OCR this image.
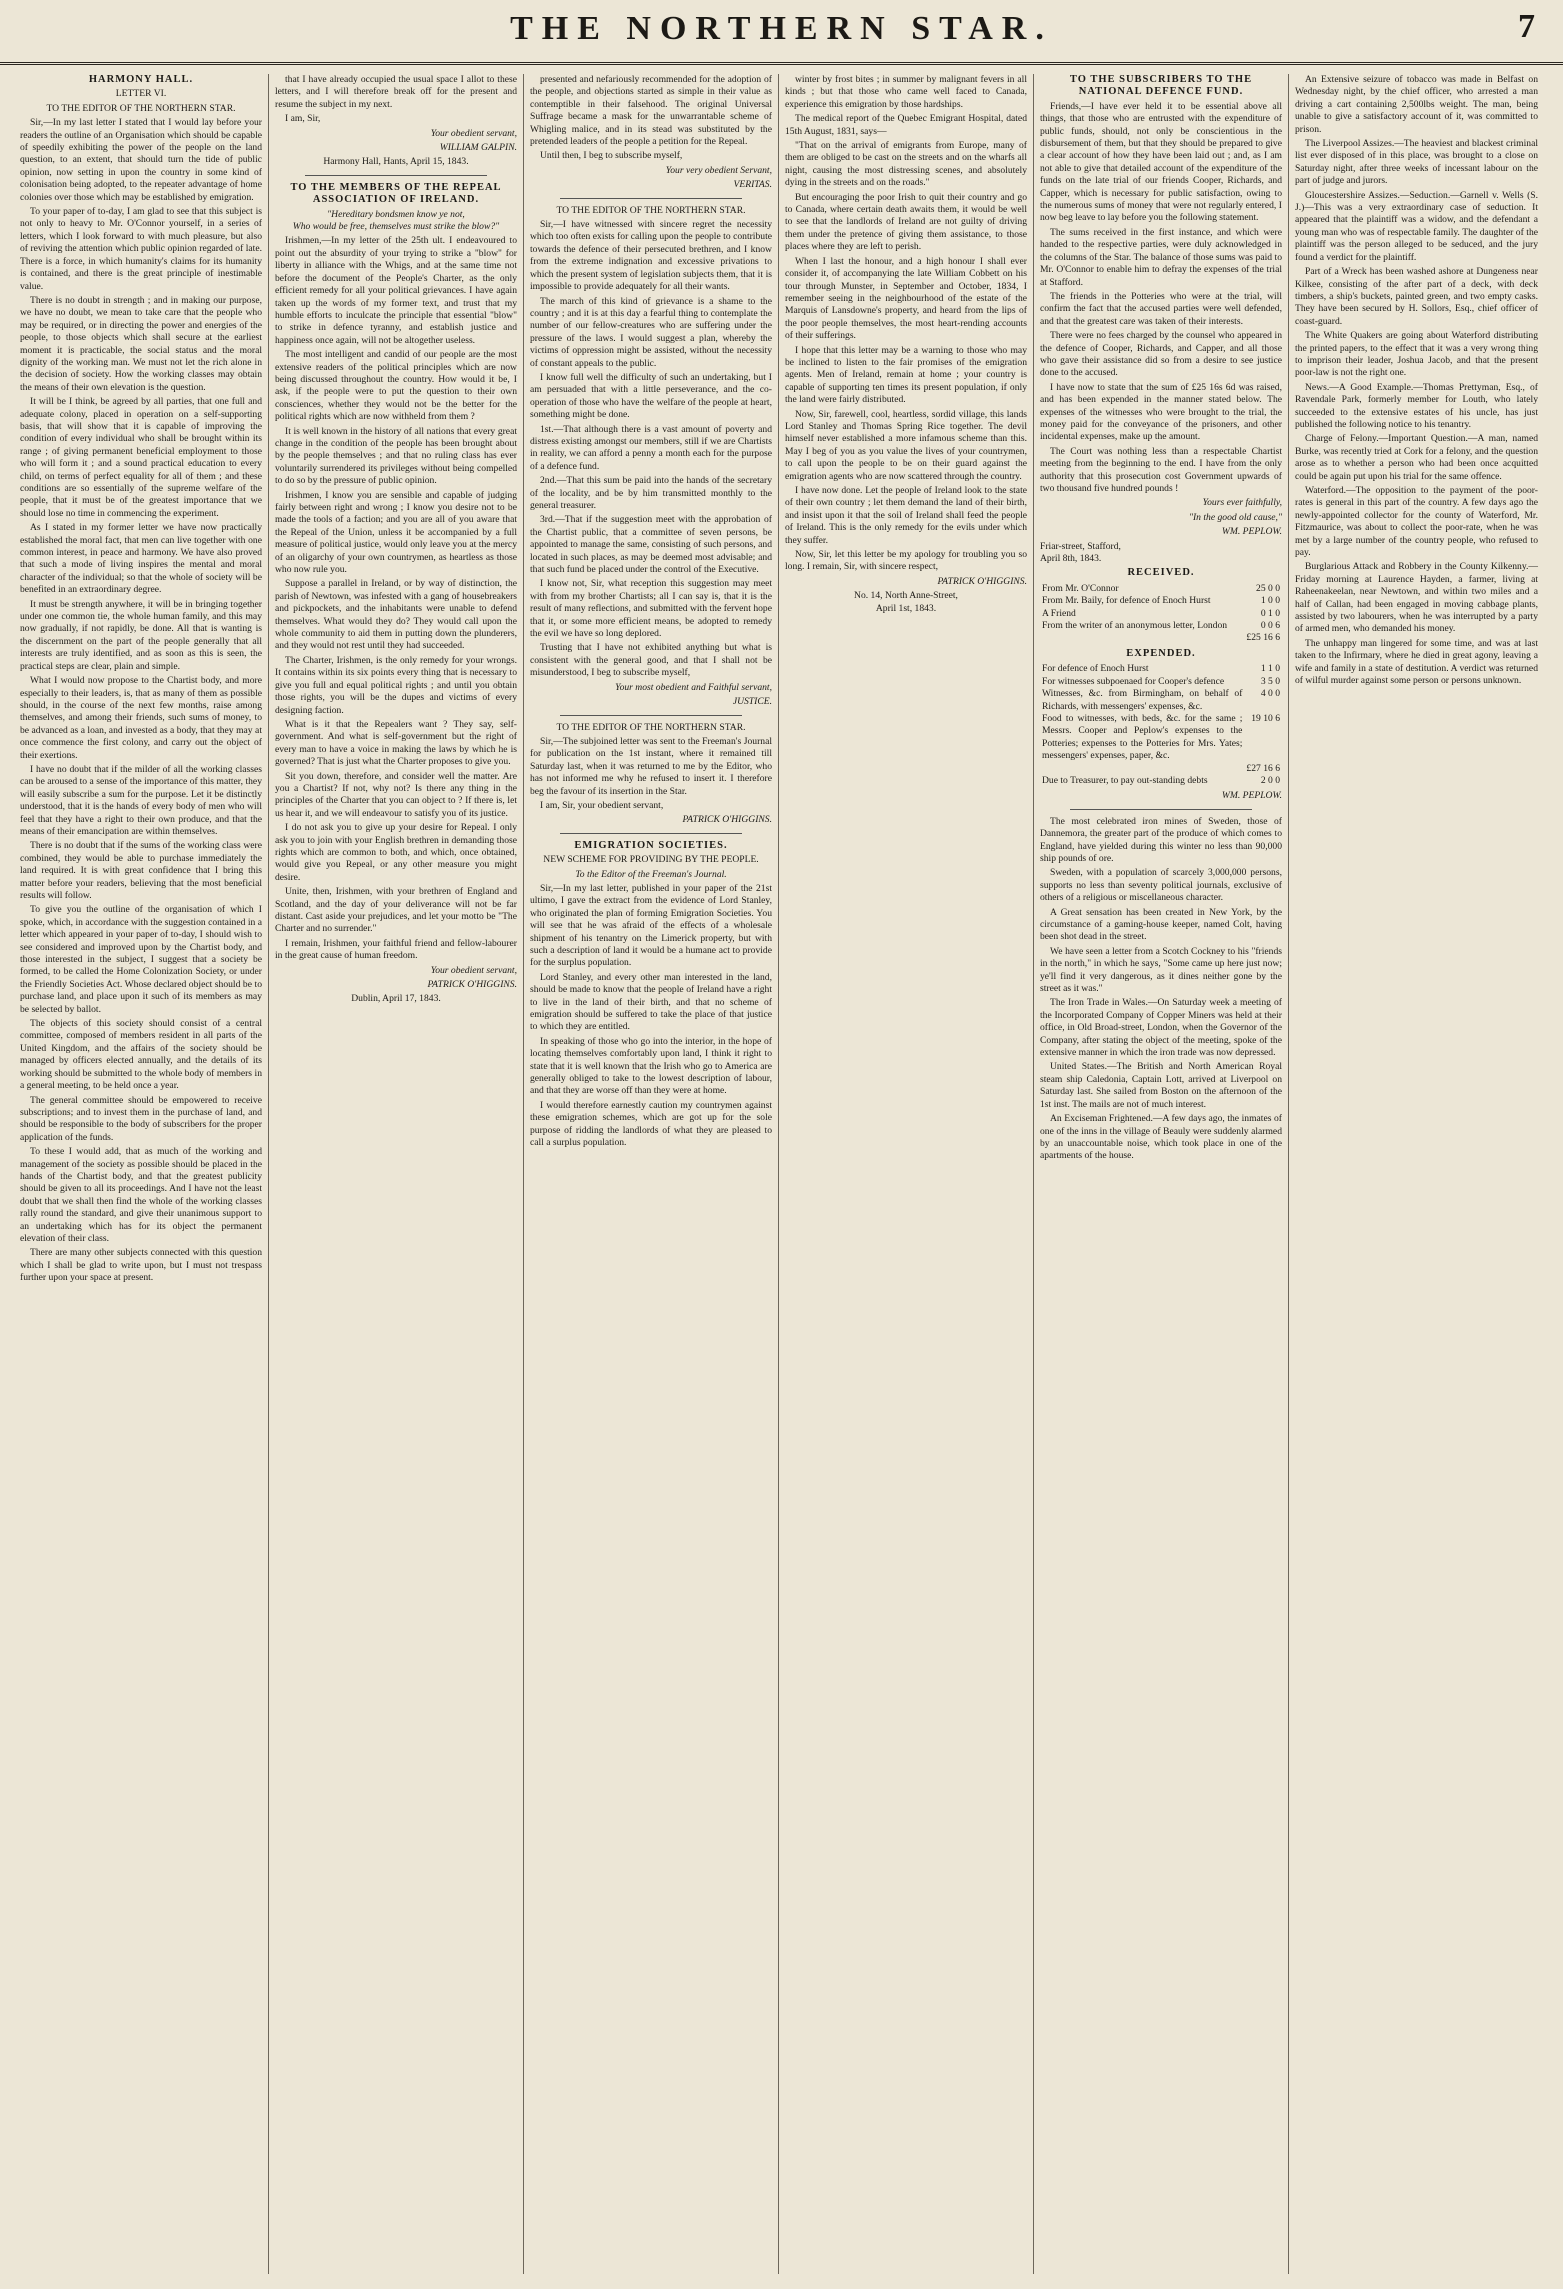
THE NORTHERN STAR.	7

HARMONY HALL.

LETTER VI.

TO THE EDITOR OF THE NORTHERN STAR.

Sir,—In my last letter I stated that I would lay before your readers the outline of an Organisation which should be capable of speedily exhibiting the power of the people on the land question, to an extent, that should turn the tide of public opinion, now setting in upon the country in some kind of colonisation being adopted, to the repeater advantage of home colonies over those which may be established by emigration.

To your paper of to-day, I am glad to see that this subject is not only to heavy to Mr. O'Connor yourself, in a series of letters, which I look forward to with much pleasure, but also of reviving the attention which public opinion regarded of late. There is a force, in which humanity's claims for its humanity is contained, and there is the great principle of inestimable value.

There is no doubt in strength ; and in making our purpose, we have no doubt, we mean to take care that the people who may be required, or in directing the power and energies of the people, to those objects which shall secure at the earliest moment it is practicable, the social status and the moral dignity of the working man. We must not let the rich alone in the decision of society. How the working classes may obtain the means of their own elevation is the question.

It will be I think, be agreed by all parties, that one full and adequate colony, placed in operation on a self-supporting basis, that will show that it is capable of improving the condition of every individual who shall be brought within its range ; of giving permanent beneficial employment to those who will form it ; and a sound practical education to every child, on terms of perfect equality for all of them ; and these conditions are so essentially of the supreme welfare of the people, that it must be of the greatest importance that we should lose no time in commencing the experiment.

As I stated in my former letter we have now practically established the moral fact, that men can live together with one common interest, in peace and harmony. We have also proved that such a mode of living inspires the mental and moral character of the individual; so that the whole of society will be benefited in an extraordinary degree.

It must be strength anywhere, it will be in bringing together under one common tie, the whole human family, and this may now gradually, if not rapidly, be done. All that is wanting is the discernment on the part of the people generally that all interests are truly identified, and as soon as this is seen, the practical steps are clear, plain and simple.

What I would now propose to the Chartist body, and more especially to their leaders, is, that as many of them as possible should, in the course of the next few months, raise among themselves, and among their friends, such sums of money, to be advanced as a loan, and invested as a body, that they may at once commence the first colony, and carry out the object of their exertions.

I have no doubt that if the milder of all the working classes can be aroused to a sense of the importance of this matter, they will easily subscribe a sum for the purpose. Let it be distinctly understood, that it is the hands of every body of men who will feel that they have a right to their own produce, and that the means of their emancipation are within themselves.

There is no doubt that if the sums of the working class were combined, they would be able to purchase immediately the land required. It is with great confidence that I bring this matter before your readers, believing that the most beneficial results will follow.

To give you the outline of the organisation of which I spoke, which, in accordance with the suggestion contained in a letter which appeared in your paper of to-day, I should wish to see considered and improved upon by the Chartist body, and those interested in the subject, I suggest that a society be formed, to be called the Home Colonization Society, or under the Friendly Societies Act. Whose declared object should be to purchase land, and place upon it such of its members as may be selected by ballot.

The objects of this society should consist of a central committee, composed of members resident in all parts of the United Kingdom, and the affairs of the society should be managed by officers elected annually, and the details of its working should be submitted to the whole body of members in a general meeting, to be held once a year.

The general committee should be empowered to receive subscriptions; and to invest them in the purchase of land, and should be responsible to the body of subscribers for the proper application of the funds.

To these I would add, that as much of the working and management of the society as possible should be placed in the hands of the Chartist body, and that the greatest publicity should be given to all its proceedings. And I have not the least doubt that we shall then find the whole of the working classes rally round the standard, and give their unanimous support to an undertaking which has for its object the permanent elevation of their class.

There are many other subjects connected with this question which I shall be glad to write upon, but I must not trespass further upon your space at present.

that I have already occupied the usual space I allot to these letters, and I will therefore break off for the present and resume the subject in my next.

I am, Sir,

Your obedient servant,

WILLIAM GALPIN.

Harmony Hall, Hants, April 15, 1843.

TO THE MEMBERS OF THE REPEAL ASSOCIATION OF IRELAND.

"Hereditary bondsmen know ye not,
Who would be free, themselves must strike the blow?"

Irishmen,—In my letter of the 25th ult. I endeavoured to point out the absurdity of your trying to strike a "blow" for liberty in alliance with the Whigs, and at the same time not before the document of the People's Charter, as the only efficient remedy for all your political grievances. I have again taken up the words of my former text, and trust that my humble efforts to inculcate the principle that essential "blow" to strike in defence tyranny, and establish justice and happiness once again, will not be altogether useless.

The most intelligent and candid of our people are the most extensive readers of the political principles which are now being discussed throughout the country. How would it be, I ask, if the people were to put the question to their own consciences, whether they would not be the better for the political rights which are now withheld from them ?

It is well known in the history of all nations that every great change in the condition of the people has been brought about by the people themselves ; and that no ruling class has ever voluntarily surrendered its privileges without being compelled to do so by the pressure of public opinion.

Irishmen, I know you are sensible and capable of judging fairly between right and wrong ; I know you desire not to be made the tools of a faction; and you are all of you aware that the Repeal of the Union, unless it be accompanied by a full measure of political justice, would only leave you at the mercy of an oligarchy of your own countrymen, as heartless as those who now rule you.

Suppose a parallel in Ireland, or by way of distinction, the parish of Newtown, was infested with a gang of housebreakers and pickpockets, and the inhabitants were unable to defend themselves. What would they do? They would call upon the whole community to aid them in putting down the plunderers, and they would not rest until they had succeeded.

The Charter, Irishmen, is the only remedy for your wrongs. It contains within its six points every thing that is necessary to give you full and equal political rights ; and until you obtain those rights, you will be the dupes and victims of every designing faction.

What is it that the Repealers want ? They say, self-government. And what is self-government but the right of every man to have a voice in making the laws by which he is governed? That is just what the Charter proposes to give you.

Sit you down, therefore, and consider well the matter. Are you a Chartist? If not, why not? Is there any thing in the principles of the Charter that you can object to ? If there is, let us hear it, and we will endeavour to satisfy you of its justice.

I do not ask you to give up your desire for Repeal. I only ask you to join with your English brethren in demanding those rights which are common to both, and which, once obtained, would give you Repeal, or any other measure you might desire.

Unite, then, Irishmen, with your brethren of England and Scotland, and the day of your deliverance will not be far distant. Cast aside your prejudices, and let your motto be "The Charter and no surrender."

I remain, Irishmen, your faithful friend and fellow-labourer in the great cause of human freedom.

Your obedient servant,

PATRICK O'HIGGINS.

Dublin, April 17, 1843.

presented and nefariously recommended for the adoption of the people, and objections started as simple in their value as contemptible in their falsehood. The original Universal Suffrage became a mask for the unwarrantable scheme of Whigling malice, and in its stead was substituted by the pretended leaders of the people a petition for the Repeal.

Until then, I beg to subscribe myself,

Your very obedient Servant,

VERITAS.

TO THE EDITOR OF THE NORTHERN STAR.

Sir,—I have witnessed with sincere regret the necessity which too often exists for calling upon the people to contribute towards the defence of their persecuted brethren, and I know from the extreme indignation and excessive privations to which the present system of legislation subjects them, that it is impossible to provide adequately for all their wants.

The march of this kind of grievance is a shame to the country ; and it is at this day a fearful thing to contemplate the number of our fellow-creatures who are suffering under the pressure of the laws. I would suggest a plan, whereby the victims of oppression might be assisted, without the necessity of constant appeals to the public.

I know full well the difficulty of such an undertaking, but I am persuaded that with a little perseverance, and the co-operation of those who have the welfare of the people at heart, something might be done.

1st.—That although there is a vast amount of poverty and distress existing amongst our members, still if we are Chartists in reality, we can afford a penny a month each for the purpose of a defence fund.

2nd.—That this sum be paid into the hands of the secretary of the locality, and be by him transmitted monthly to the general treasurer.

3rd.—That if the suggestion meet with the approbation of the Chartist public, that a committee of seven persons, be appointed to manage the same, consisting of such persons, and located in such places, as may be deemed most advisable; and that such fund be placed under the control of the Executive.

I know not, Sir, what reception this suggestion may meet with from my brother Chartists; all I can say is, that it is the result of many reflections, and submitted with the fervent hope that it, or some more efficient means, be adopted to remedy the evil we have so long deplored.

Trusting that I have not exhibited anything but what is consistent with the general good, and that I shall not be misunderstood, I beg to subscribe myself,

Your most obedient and Faithful servant,

JUSTICE.

TO THE EDITOR OF THE NORTHERN STAR.

Sir,—The subjoined letter was sent to the Freeman's Journal for publication on the 1st instant, where it remained till Saturday last, when it was returned to me by the Editor, who has not informed me why he refused to insert it. I therefore beg the favour of its insertion in the Star.

I am, Sir, your obedient servant,

PATRICK O'HIGGINS.

EMIGRATION SOCIETIES.

NEW SCHEME FOR PROVIDING BY THE PEOPLE.

To the Editor of the Freeman's Journal.

Sir,—In my last letter, published in your paper of the 21st ultimo, I gave the extract from the evidence of Lord Stanley, who originated the plan of forming Emigration Societies. You will see that he was afraid of the effects of a wholesale shipment of his tenantry on the Limerick property, but with such a description of land it would be a humane act to provide for the surplus population.

Lord Stanley, and every other man interested in the land, should be made to know that the people of Ireland have a right to live in the land of their birth, and that no scheme of emigration should be suffered to take the place of that justice to which they are entitled.

In speaking of those who go into the interior, in the hope of locating themselves comfortably upon land, I think it right to state that it is well known that the Irish who go to America are generally obliged to take to the lowest description of labour, and that they are worse off than they were at home.

I would therefore earnestly caution my countrymen against these emigration schemes, which are got up for the sole purpose of ridding the landlords of what they are pleased to call a surplus population.

winter by frost bites ; in summer by malignant fevers in all kinds ; but that those who came well faced to Canada, experience this emigration by those hardships.

The medical report of the Quebec Emigrant Hospital, dated 15th August, 1831, says—

"That on the arrival of emigrants from Europe, many of them are obliged to be cast on the streets and on the wharfs all night, causing the most distressing scenes, and absolutely dying in the streets and on the roads."

But encouraging the poor Irish to quit their country and go to Canada, where certain death awaits them, it would be well to see that the landlords of Ireland are not guilty of driving them under the pretence of giving them assistance, to those places where they are left to perish.

When I last the honour, and a high honour I shall ever consider it, of accompanying the late William Cobbett on his tour through Munster, in September and October, 1834, I remember seeing in the neighbourhood of the estate of the Marquis of Lansdowne's property, and heard from the lips of the poor people themselves, the most heart-rending accounts of their sufferings.

I hope that this letter may be a warning to those who may be inclined to listen to the fair promises of the emigration agents. Men of Ireland, remain at home ; your country is capable of supporting ten times its present population, if only the land were fairly distributed.

Now, Sir, farewell, cool, heartless, sordid village, this lands Lord Stanley and Thomas Spring Rice together. The devil himself never established a more infamous scheme than this. May I beg of you as you value the lives of your countrymen, to call upon the people to be on their guard against the emigration agents who are now scattered through the country.

I have now done. Let the people of Ireland look to the state of their own country ; let them demand the land of their birth, and insist upon it that the soil of Ireland shall feed the people of Ireland. This is the only remedy for the evils under which they suffer.

Now, Sir, let this letter be my apology for troubling you so long. I remain, Sir, with sincere respect,

PATRICK O'HIGGINS.

No. 14, North Anne-Street,
April 1st, 1843.

TO THE SUBSCRIBERS TO THE NATIONAL DEFENCE FUND.

Friends,—I have ever held it to be essential above all things, that those who are entrusted with the expenditure of public funds, should, not only be conscientious in the disbursement of them, but that they should be prepared to give a clear account of how they have been laid out ; and, as I am not able to give that detailed account of the expenditure of the funds on the late trial of our friends Cooper, Richards, and Capper, which is necessary for public satisfaction, owing to the numerous sums of money that were not regularly entered, I now beg leave to lay before you the following statement.

The sums received in the first instance, and which were handed to the respective parties, were duly acknowledged in the columns of the Star. The balance of those sums was paid to Mr. O'Connor to enable him to defray the expenses of the trial at Stafford.

The friends in the Potteries who were at the trial, will confirm the fact that the accused parties were well defended, and that the greatest care was taken of their interests.

There were no fees charged by the counsel who appeared in the defence of Cooper, Richards, and Capper, and all those who gave their assistance did so from a desire to see justice done to the accused.

I have now to state that the sum of £25 16s 6d was raised, and has been expended in the manner stated below. The expenses of the witnesses who were brought to the trial, the money paid for the conveyance of the prisoners, and other incidental expenses, make up the amount.

The Court was nothing less than a respectable Chartist meeting from the beginning to the end. I have from the only authority that this prosecution cost Government upwards of two thousand five hundred pounds !

Yours ever faithfully,

"In the good old cause,"

WM. PEPLOW.

Friar-street, Stafford,
April 8th, 1843.

RECEIVED.

From Mr. O'Connor	25 0 0
From Mr. Baily, for defence of Enoch Hurst	1 0 0
A Friend	0 1 0
From the writer of an anonymous letter, London	0 0 6
	£25 16 6

EXPENDED.

For defence of Enoch Hurst	1 1 0
For witnesses subpoenaed for Cooper's defence	3 5 0
Witnesses, &c. from Birmingham, on behalf of Richards, with messengers' expenses, &c.	4 0 0
Food to witnesses, with beds, &c. for the same ; Messrs. Cooper and Peplow's expenses to the Potteries; expenses to the Potteries for Mrs. Yates; messengers' expenses, paper, &c.	19 10 6
	£27 16 6
Due to Treasurer, to pay out-standing debts	2 0 0

WM. PEPLOW.

The most celebrated iron mines of Sweden, those of Dannemora, the greater part of the produce of which comes to England, have yielded during this winter no less than 90,000 ship pounds of ore.

Sweden, with a population of scarcely 3,000,000 persons, supports no less than seventy political journals, exclusive of others of a religious or miscellaneous character.

A Great sensation has been created in New York, by the circumstance of a gaming-house keeper, named Colt, having been shot dead in the street.

We have seen a letter from a Scotch Cockney to his "friends in the north," in which he says, "Some came up here just now; ye'll find it very dangerous, as it dines neither gone by the street as it was."

The Iron Trade in Wales.—On Saturday week a meeting of the Incorporated Company of Copper Miners was held at their office, in Old Broad-street, London, when the Governor of the Company, after stating the object of the meeting, spoke of the extensive manner in which the iron trade was now depressed.

United States.—The British and North American Royal steam ship Caledonia, Captain Lott, arrived at Liverpool on Saturday last. She sailed from Boston on the afternoon of the 1st inst. The mails are not of much interest.

An Exciseman Frightened.—A few days ago, the inmates of one of the inns in the village of Beauly were suddenly alarmed by an unaccountable noise, which took place in one of the apartments of the house.

An Extensive seizure of tobacco was made in Belfast on Wednesday night, by the chief officer, who arrested a man driving a cart containing 2,500lbs weight. The man, being unable to give a satisfactory account of it, was committed to prison.

The Liverpool Assizes.—The heaviest and blackest criminal list ever disposed of in this place, was brought to a close on Saturday night, after three weeks of incessant labour on the part of judge and jurors.

Gloucestershire Assizes.—Seduction.—Garnell v. Wells (S. J.)—This was a very extraordinary case of seduction. It appeared that the plaintiff was a widow, and the defendant a young man who was of respectable family. The daughter of the plaintiff was the person alleged to be seduced, and the jury found a verdict for the plaintiff.

Part of a Wreck has been washed ashore at Dungeness near Kilkee, consisting of the after part of a deck, with deck timbers, a ship's buckets, painted green, and two empty casks. They have been secured by H. Sollors, Esq., chief officer of coast-guard.

The White Quakers are going about Waterford distributing the printed papers, to the effect that it was a very wrong thing to imprison their leader, Joshua Jacob, and that the present poor-law is not the right one.

News.—A Good Example.—Thomas Prettyman, Esq., of Ravendale Park, formerly member for Louth, who lately succeeded to the extensive estates of his uncle, has just published the following notice to his tenantry.

Charge of Felony.—Important Question.—A man, named Burke, was recently tried at Cork for a felony, and the question arose as to whether a person who had been once acquitted could be again put upon his trial for the same offence.

Waterford.—The opposition to the payment of the poor-rates is general in this part of the country. A few days ago the newly-appointed collector for the county of Waterford, Mr. Fitzmaurice, was about to collect the poor-rate, when he was met by a large number of the country people, who refused to pay.

Burglarious Attack and Robbery in the County Kilkenny.—Friday morning at Laurence Hayden, a farmer, living at Raheenakeelan, near Newtown, and within two miles and a half of Callan, had been engaged in moving cabbage plants, assisted by two labourers, when he was interrupted by a party of armed men, who demanded his money.

The unhappy man lingered for some time, and was at last taken to the Infirmary, where he died in great agony, leaving a wife and family in a state of destitution. A verdict was returned of wilful murder against some person or persons unknown.
